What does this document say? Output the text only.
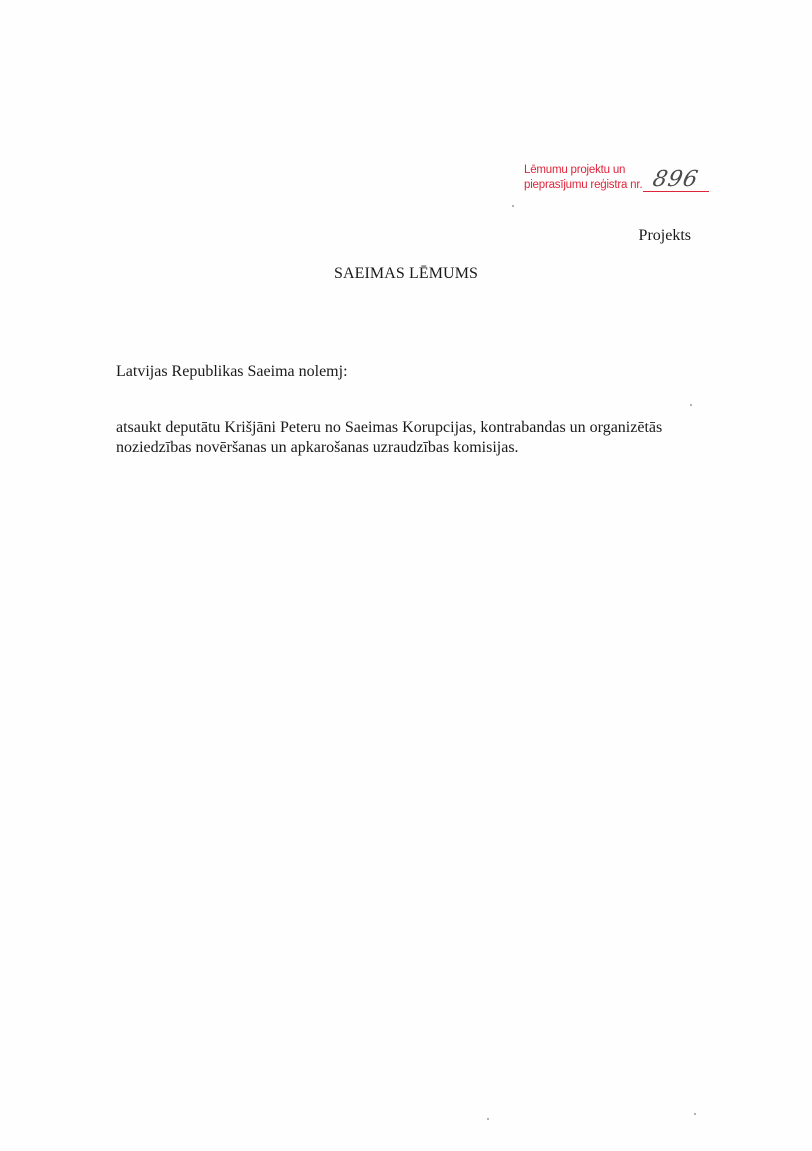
Lēmumu projektu un
pieprasījumu reģistra nr. 896
Projekts
SAEIMAS LĒMUMS
Latvijas Republikas Saeima nolemj:
atsaukt deputātu Krišjāni Peteru no Saeimas Korupcijas, kontrabandas un organizētās
noziedzības novēršanas un apkarošanas uzraudzības komisijas.
